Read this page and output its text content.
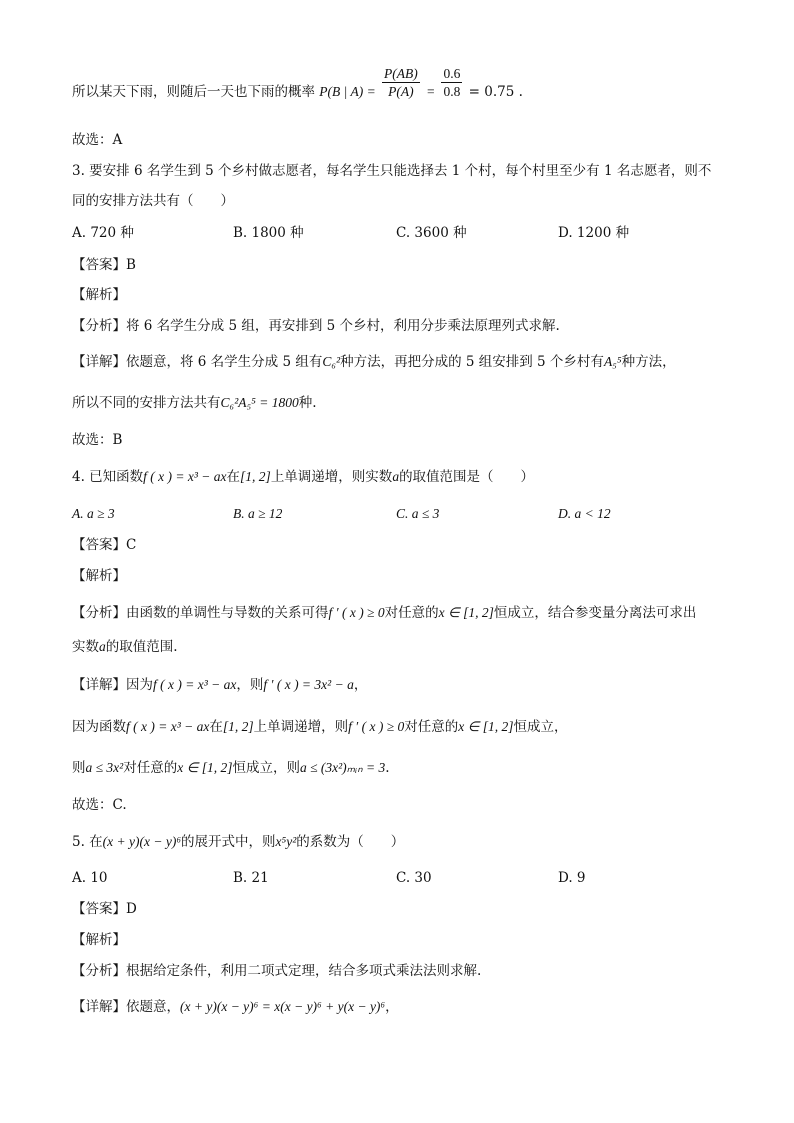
所以某天下雨，则随后一天也下雨的概率 P(B | $A) = \frac{P(AB)}{P(A)} = \frac{0.6}{0.8} = 0.75$ .
故选：A
3. 要安排 6 名学生到 5 个乡村做志愿者，每名学生只能选择去 1 个村，每个村里至少有 1 名志愿者，则不
同的安排方法共有（　　）
A. 720 种	B. 1800 种	C. 3600 种	D. 1200 种
【答案】B
【解析】
【分析】将 6 名学生分成 5 组，再安排到 5 个乡村，利用分步乘法原理列式求解.
【详解】依题意，将 6 名学生分成 5 组有C₆²种方法，再把分成的 5 组安排到 5 个乡村有A₅⁵种方法，
所以不同的安排方法共有C₆²A₅⁵ = 1800种.
故选：B
4. 已知函数f ( x ) = x³ − ax在[1, 2]上单调递增，则实数a的取值范围是（　　）
A. a ≥ 3	B. a ≥ 12	C. a ≤ 3	D. a < 12
【答案】C
【解析】
【分析】由函数的单调性与导数的关系可得f ′ ( x ) ≥ 0对任意的x ∈ [1, 2]恒成立，结合参变量分离法可求出
实数a的取值范围.
【详解】因为f ( x ) = x³ − ax，则f ′ ( x ) = 3x² − a，
因为函数f ( x ) = x³ − ax在[1, 2]上单调递增，则f ′ ( x ) ≥ 0对任意的x ∈ [1, 2]恒成立，
则a ≤ 3x²对任意的x ∈ [1, 2]恒成立，则a ≤ (3x²)ₘᵢₙ = 3.
故选：C.
5. 在(x + y)(x − y)⁶的展开式中，则x⁵y²的系数为（　　）
A. 10	B. 21	C. 30	D. 9
【答案】D
【解析】
【分析】根据给定条件，利用二项式定理，结合多项式乘法法则求解.
【详解】依题意，(x + y)(x − y)⁶ = x(x − y)⁶ + y(x − y)⁶，
